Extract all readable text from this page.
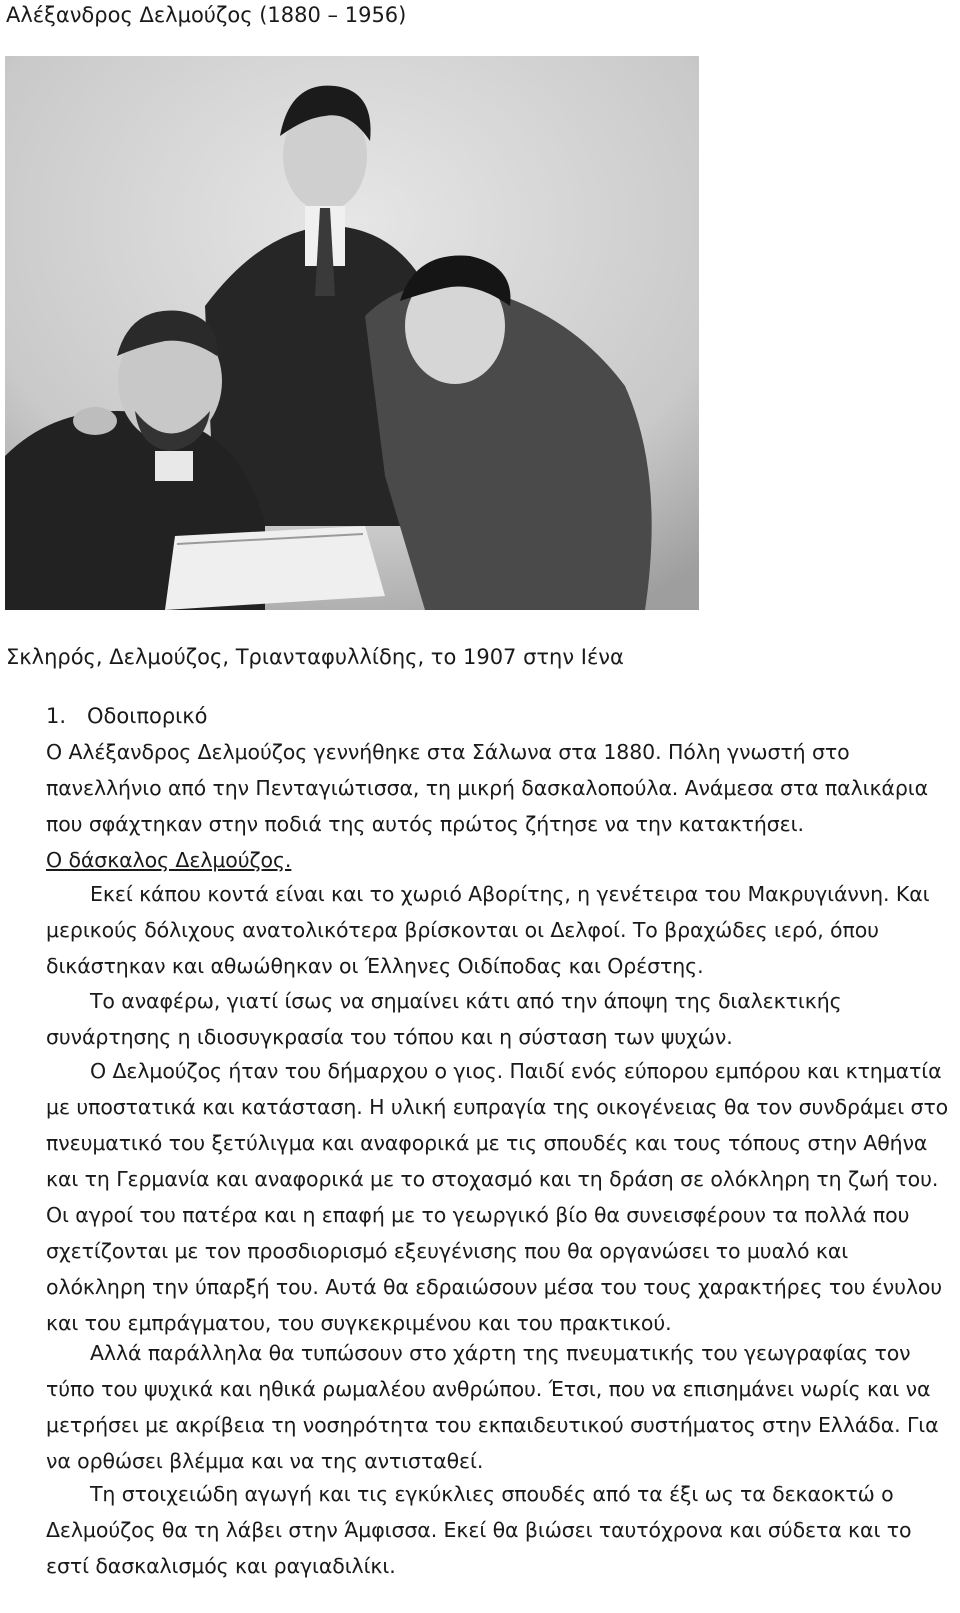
Αλέξανδρος Δελμούζος (1880 – 1956)
Σκληρός, Δελμούζος, Τριανταφυλλίδης, το 1907 στην Ιένα
1. Οδοιπορικό
Ο Αλέξανδρος Δελμούζος γεννήθηκε στα Σάλωνα στα 1880. Πόλη γνωστή στο
πανελλήνιο από την Πενταγιώτισσα, τη μικρή δασκαλοπούλα. Ανάμεσα στα παλικάρια
που σφάχτηκαν στην ποδιά της αυτός πρώτος ζήτησε να την κατακτήσει.
Ο δάσκαλος Δελμούζος.
Εκεί κάπου κοντά είναι και το χωριό Αβορίτης, η γενέτειρα του Μακρυγιάννη. Και
μερικούς δόλιχους ανατολικότερα βρίσκονται οι Δελφοί. Το βραχώδες ιερό, όπου
δικάστηκαν και αθωώθηκαν οι Έλληνες Οιδίποδας και Ορέστης.
Το αναφέρω, γιατί ίσως να σημαίνει κάτι από την άποψη της διαλεκτικής
συνάρτησης η ιδιοσυγκρασία του τόπου και η σύσταση των ψυχών.
Ο Δελμούζος ήταν του δήμαρχου ο γιος. Παιδί ενός εύπορου εμπόρου και κτηματία
με υποστατικά και κατάσταση. Η υλική ευπραγία της οικογένειας θα τον συνδράμει στο
πνευματικό του ξετύλιγμα και αναφορικά με τις σπουδές και τους τόπους στην Αθήνα
και τη Γερμανία και αναφορικά με το στοχασμό και τη δράση σε ολόκληρη τη ζωή του.
Οι αγροί του πατέρα και η επαφή με το γεωργικό βίο θα συνεισφέρουν τα πολλά που
σχετίζονται με τον προσδιορισμό εξευγένισης που θα οργανώσει το μυαλό και
ολόκληρη την ύπαρξή του. Αυτά θα εδραιώσουν μέσα του τους χαρακτήρες του ένυλου
και του εμπράγματου, του συγκεκριμένου και του πρακτικού.
Αλλά παράλληλα θα τυπώσουν στο χάρτη της πνευματικής του γεωγραφίας τον
τύπο του ψυχικά και ηθικά ρωμαλέου ανθρώπου. Έτσι, που να επισημάνει νωρίς και να
μετρήσει με ακρίβεια τη νοσηρότητα του εκπαιδευτικού συστήματος στην Ελλάδα. Για
να ορθώσει βλέμμα και να της αντισταθεί.
Τη στοιχειώδη αγωγή και τις εγκύκλιες σπουδές από τα έξι ως τα δεκαοκτώ ο
Δελμούζος θα τη λάβει στην Άμφισσα. Εκεί θα βιώσει ταυτόχρονα και σύδετα και το
εστί δασκαλισμός και ραγιαδιλίκι.
